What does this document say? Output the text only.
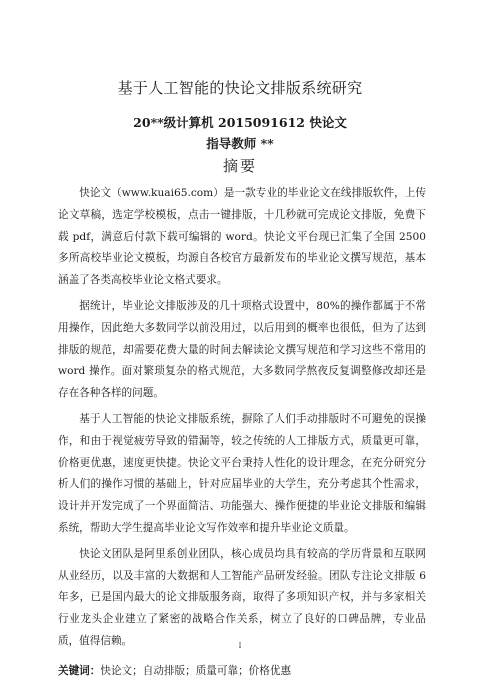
基于人工智能的快论文排版系统研究
20**级计算机 2015091612 快论文
指导教师 **
摘要

快论文（www.kuai65.com）是一款专业的毕业论文在线排版软件，上传论文草稿，选定学校模板，点击一键排版，十几秒就可完成论文排版，免费下载 pdf，满意后付款下载可编辑的 word。快论文平台现已汇集了全国 2500 多所高校毕业论文模板，均源自各校官方最新发布的毕业论文撰写规范，基本涵盖了各类高校毕业论文格式要求。

据统计，毕业论文排版涉及的几十项格式设置中，80%的操作都属于不常用操作，因此绝大多数同学以前没用过，以后用到的概率也很低，但为了达到排版的规范，却需要花费大量的时间去解读论文撰写规范和学习这些不常用的 word 操作。面对繁琐复杂的格式规范，大多数同学熬夜反复调整修改却还是存在各种各样的问题。

基于人工智能的快论文排版系统，摒除了人们手动排版时不可避免的误操作，和由于视觉疲劳导致的错漏等，较之传统的人工排版方式，质量更可靠，价格更优惠，速度更快捷。快论文平台秉持人性化的设计理念，在充分研究分析人们的操作习惯的基础上，针对应届毕业的大学生，充分考虑其个性需求，设计并开发完成了一个界面简洁、功能强大、操作便捷的毕业论文排版和编辑系统，帮助大学生提高毕业论文写作效率和提升毕业论文质量。

快论文团队是阿里系创业团队，核心成员均具有较高的学历背景和互联网从业经历，以及丰富的大数据和人工智能产品研发经验。团队专注论文排版 6 年多，已是国内最大的论文排版服务商，取得了多项知识产权，并与多家相关行业龙头企业建立了紧密的战略合作关系，树立了良好的口碑品牌，专业品质，值得信赖。

关键词：快论文；自动排版；质量可靠；价格优惠
I
